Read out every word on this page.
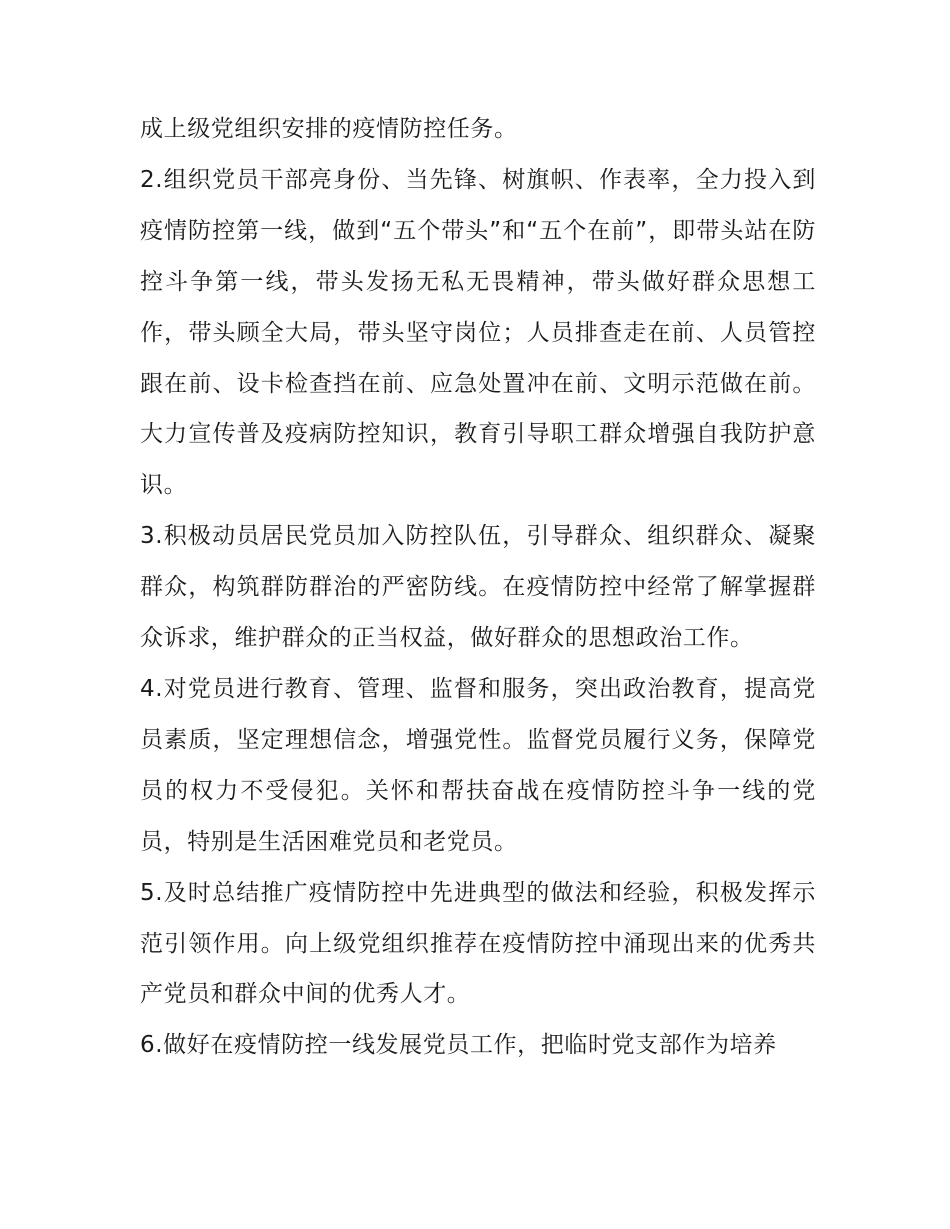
成上级党组织安排的疫情防控任务。

2.组织党员干部亮身份、当先锋、树旗帜、作表率，全力投入到疫情防控第一线，做到“五个带头”和“五个在前”，即带头站在防控斗争第一线，带头发扬无私无畏精神，带头做好群众思想工作，带头顾全大局，带头坚守岗位；人员排查走在前、人员管控跟在前、设卡检查挡在前、应急处置冲在前、文明示范做在前。大力宣传普及疫病防控知识，教育引导职工群众增强自我防护意识。

3.积极动员居民党员加入防控队伍，引导群众、组织群众、凝聚群众，构筑群防群治的严密防线。在疫情防控中经常了解掌握群众诉求，维护群众的正当权益，做好群众的思想政治工作。

4.对党员进行教育、管理、监督和服务，突出政治教育，提高党员素质，坚定理想信念，增强党性。监督党员履行义务，保障党员的权力不受侵犯。关怀和帮扶奋战在疫情防控斗争一线的党员，特别是生活困难党员和老党员。

5.及时总结推广疫情防控中先进典型的做法和经验，积极发挥示范引领作用。向上级党组织推荐在疫情防控中涌现出来的优秀共产党员和群众中间的优秀人才。

6.做好在疫情防控一线发展党员工作，把临时党支部作为培养
